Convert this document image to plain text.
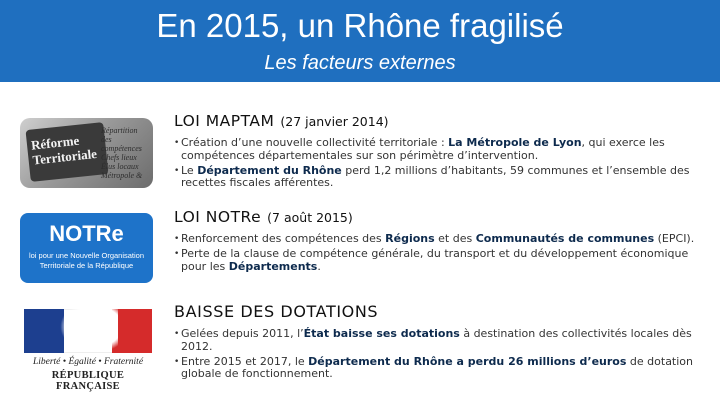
En 2015, un Rhône fragilisé
Les facteurs externes
Réforme Territoriale
Répartition des compétences Chefs lieux Élus locaux Métropole &
LOI MAPTAM (27 janvier 2014)
• Création d’une nouvelle collectivité territoriale : La Métropole de Lyon, qui exerce les compétences départementales sur son périmètre d’intervention.
• Le Département du Rhône perd 1,2 millions d’habitants, 59 communes et l’ensemble des recettes fiscales afférentes.
NOTRe
loi pour une Nouvelle Organisation Territoriale de la République
LOI NOTRe (7 août 2015)
• Renforcement des compétences des Régions et des Communautés de communes (EPCI).
• Perte de la clause de compétence générale, du transport et du développement économique pour les Départements.
Liberté • Égalité • Fraternité
RÉPUBLIQUE FRANÇAISE
BAISSE DES DOTATIONS
• Gelées depuis 2011, l’État baisse ses dotations à destination des collectivités locales dès 2012.
• Entre 2015 et 2017, le Département du Rhône a perdu 26 millions d’euros de dotation globale de fonctionnement.
